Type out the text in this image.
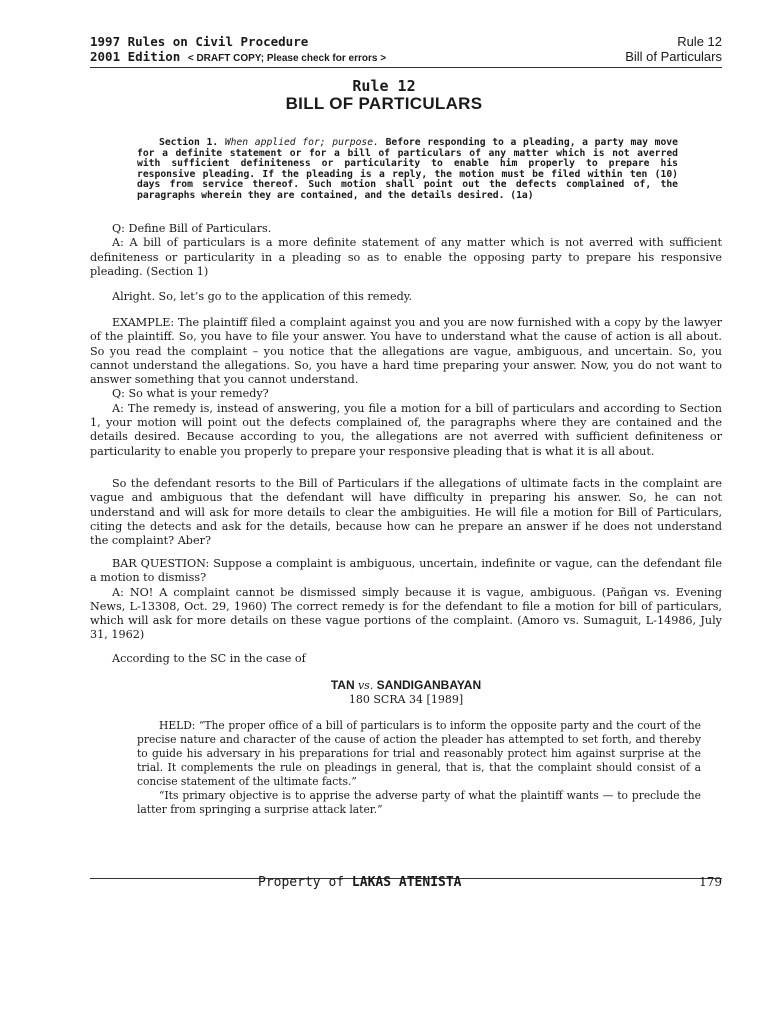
1997 Rules on Civil Procedure
2001 Edition < DRAFT COPY; Please check for errors >
Rule 12
Bill of Particulars
Rule 12
BILL OF PARTICULARS
Section 1. When applied for; purpose. Before responding to a pleading, a party may move for a definite statement or for a bill of particulars of any matter which is not averred with sufficient definiteness or particularity to enable him properly to prepare his responsive pleading. If the pleading is a reply, the motion must be filed within ten (10) days from service thereof. Such motion shall point out the defects complained of, the paragraphs wherein they are contained, and the details desired. (1a)

Q: Define Bill of Particulars.

A: A bill of particulars is a more definite statement of any matter which is not averred with sufficient definiteness or particularity in a pleading so as to enable the opposing party to prepare his responsive pleading. (Section 1)

Alright. So, let’s go to the application of this remedy.

EXAMPLE: The plaintiff filed a complaint against you and you are now furnished with a copy by the lawyer of the plaintiff. So, you have to file your answer. You have to understand what the cause of action is all about. So you read the complaint – you notice that the allegations are vague, ambiguous, and uncertain. So, you cannot understand the allegations. So, you have a hard time preparing your answer. Now, you do not want to answer something that you cannot understand.

Q: So what is your remedy?

A: The remedy is, instead of answering, you file a motion for a bill of particulars and according to Section 1, your motion will point out the defects complained of, the paragraphs where they are contained and the details desired. Because according to you, the allegations are not averred with sufficient definiteness or particularity to enable you properly to prepare your responsive pleading that is what it is all about.

So the defendant resorts to the Bill of Particulars if the allegations of ultimate facts in the complaint are vague and ambiguous that the defendant will have difficulty in preparing his answer. So, he can not understand and will ask for more details to clear the ambiguities. He will file a motion for Bill of Particulars, citing the detects and ask for the details, because how can he prepare an answer if he does not understand the complaint? Aber?

BAR QUESTION: Suppose a complaint is ambiguous, uncertain, indefinite or vague, can the defendant file a motion to dismiss?

A: NO! A complaint cannot be dismissed simply because it is vague, ambiguous. (Pañgan vs. Evening News, L-13308, Oct. 29, 1960) The correct remedy is for the defendant to file a motion for bill of particulars, which will ask for more details on these vague portions of the complaint. (Amoro vs. Sumaguit, L-14986, July 31, 1962)

According to the SC in the case of

TAN vs. SANDIGANBAYAN
180 SCRA 34 [1989]

HELD: “The proper office of a bill of particulars is to inform the opposite party and the court of the precise nature and character of the cause of action the pleader has attempted to set forth, and thereby to guide his adversary in his preparations for trial and reasonably protect him against surprise at the trial. It complements the rule on pleadings in general, that is, that the complaint should consist of a concise statement of the ultimate facts.”

“Its primary objective is to apprise the adverse party of what the plaintiff wants — to preclude the latter from springing a surprise attack later.”

Property of LAKAS ATENISTA	179
